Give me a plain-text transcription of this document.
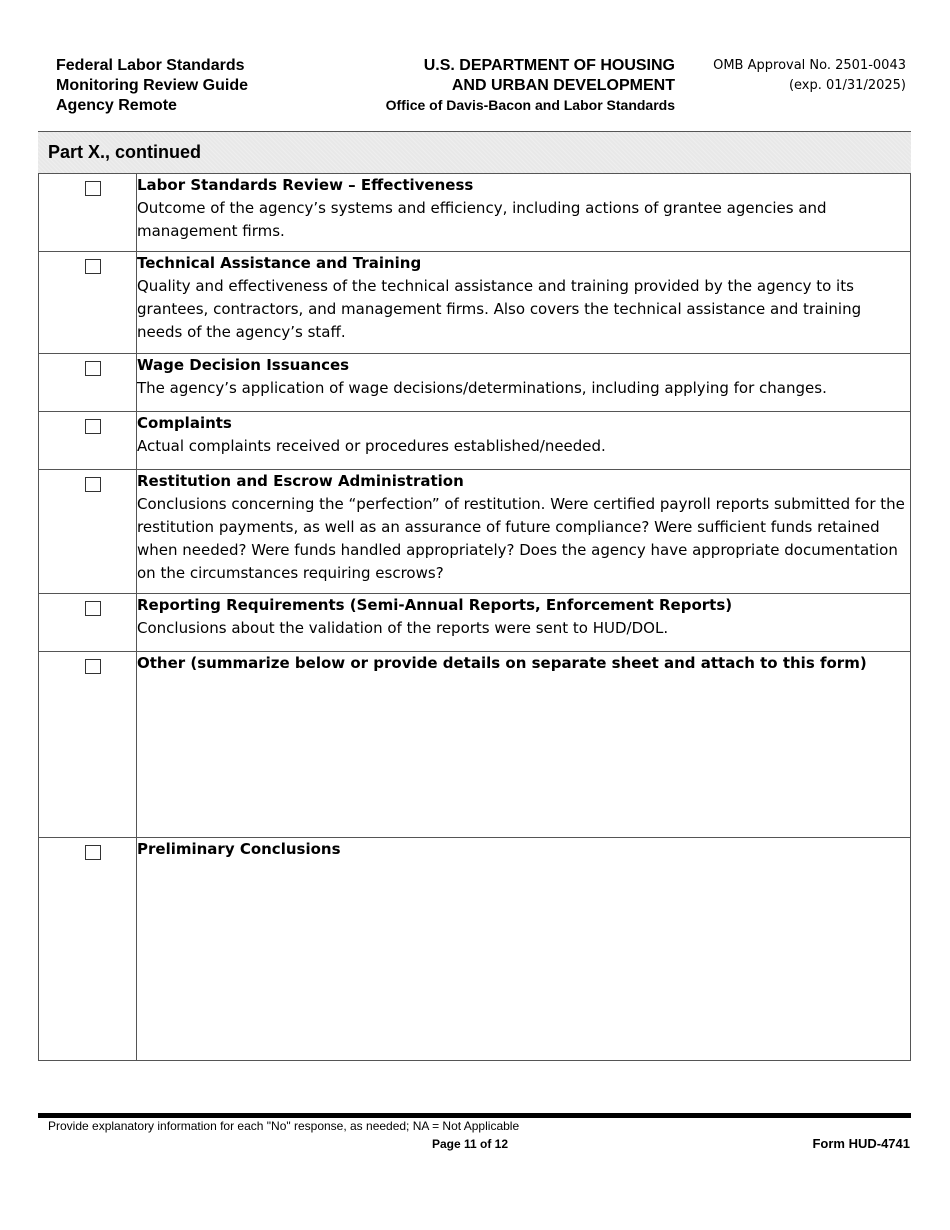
Federal Labor Standards
Monitoring Review Guide
Agency Remote
U.S. DEPARTMENT OF HOUSING
AND URBAN DEVELOPMENT
Office of Davis-Bacon and Labor Standards
OMB Approval No. 2501-0043
(exp. 01/31/2025)
Part X., continued

	Labor Standards Review – Effectiveness
Outcome of the agency’s systems and efficiency, including actions of grantee agencies and management firms.

	Technical Assistance and Training
Quality and effectiveness of the technical assistance and training provided by the agency to its grantees, contractors, and management firms. Also covers the technical assistance and training needs of the agency’s staff.

	Wage Decision Issuances
The agency’s application of wage decisions/determinations, including applying for changes.

	Complaints
Actual complaints received or procedures established/needed.

	Restitution and Escrow Administration
Conclusions concerning the “perfection” of restitution. Were certified payroll reports submitted for the restitution payments, as well as an assurance of future compliance? Were sufficient funds retained when needed? Were funds handled appropriately? Does the agency have appropriate documentation on the circumstances requiring escrows?

	Reporting Requirements (Semi-Annual Reports, Enforcement Reports)
Conclusions about the validation of the reports were sent to HUD/DOL.

	Other (summarize below or provide details on separate sheet and attach to this form)

	Preliminary Conclusions
Provide explanatory information for each "No" response, as needed; NA = Not Applicable
Page 11 of 12	Form HUD-4741
